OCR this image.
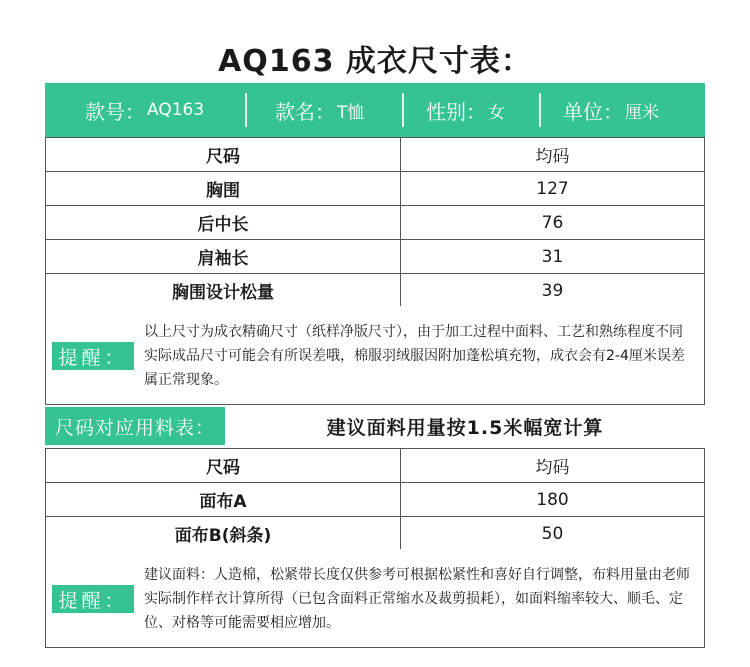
AQ163 成衣尺寸表：
款号： AQ163	款名： T恤	性别： 女	单位： 厘米
尺码	均码
胸围	127
后中长	76
肩袖长	31
胸围设计松量	39
提醒：
以上尺寸为成衣精确尺寸（纸样净版尺寸），由于加工过程中面料、工艺和熟练程度不同实际成品尺寸可能会有所误差哦，棉服羽绒服因附加蓬松填充物，成衣会有2-4厘米误差属正常现象。
尺码对应用料表：	建议面料用量按1.5米幅宽计算
尺码	均码
面布A	180
面布B(斜条)	50
提醒：
建议面料：人造棉，松紧带长度仅供参考可根据松紧性和喜好自行调整，布料用量由老师实际制作样衣计算所得（已包含面料正常缩水及裁剪损耗），如面料缩率较大、顺毛、定位、对格等可能需要相应增加。
